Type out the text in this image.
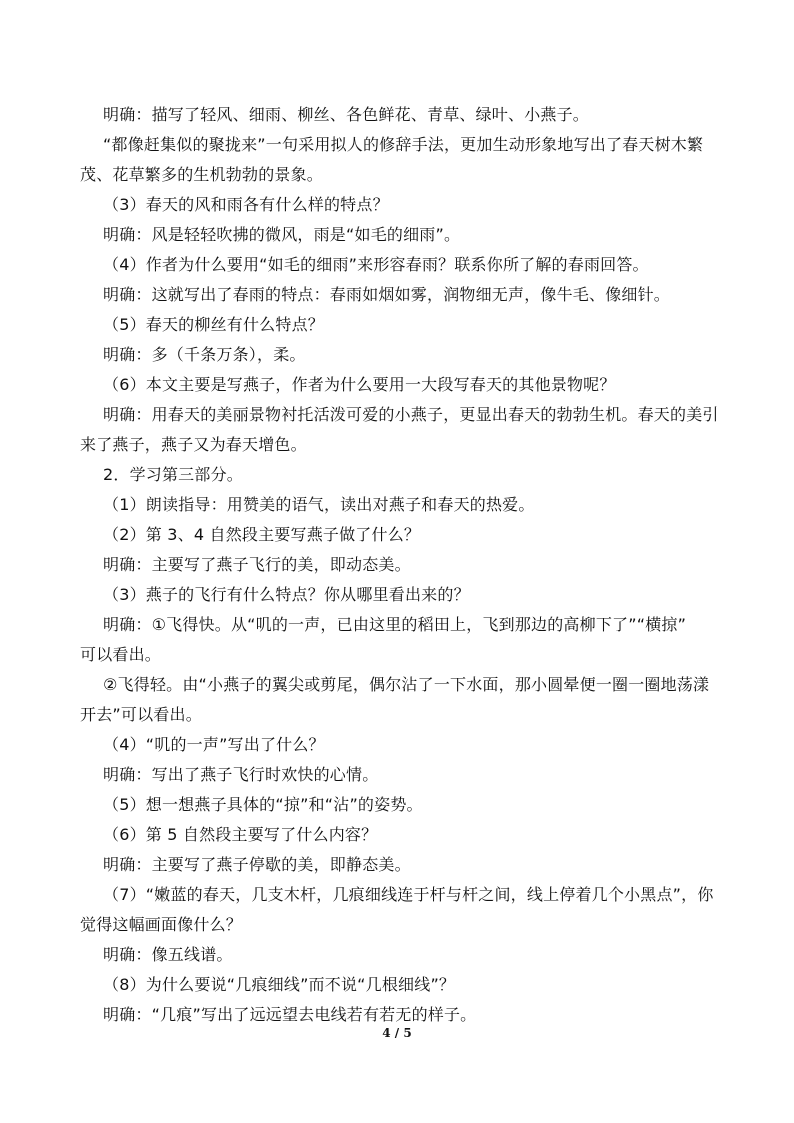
明确：描写了轻风、细雨、柳丝、各色鲜花、青草、绿叶、小燕子。
“都像赶集似的聚拢来”一句采用拟人的修辞手法，更加生动形象地写出了春天树木繁
茂、花草繁多的生机勃勃的景象。
（3）春天的风和雨各有什么样的特点？
明确：风是轻轻吹拂的微风，雨是“如毛的细雨”。
（4）作者为什么要用“如毛的细雨”来形容春雨？联系你所了解的春雨回答。
明确：这就写出了春雨的特点：春雨如烟如雾，润物细无声，像牛毛、像细针。
（5）春天的柳丝有什么特点？
明确：多（千条万条），柔。
（6）本文主要是写燕子，作者为什么要用一大段写春天的其他景物呢？
明确：用春天的美丽景物衬托活泼可爱的小燕子，更显出春天的勃勃生机。春天的美引
来了燕子，燕子又为春天增色。
2．学习第三部分。
（1）朗读指导：用赞美的语气，读出对燕子和春天的热爱。
（2）第 3、4 自然段主要写燕子做了什么？
明确：主要写了燕子飞行的美，即动态美。
（3）燕子的飞行有什么特点？你从哪里看出来的？
明确：①飞得快。从“叽的一声，已由这里的稻田上，飞到那边的高柳下了”“横掠”
可以看出。
②飞得轻。由“小燕子的翼尖或剪尾，偶尔沾了一下水面，那小圆晕便一圈一圈地荡漾
开去”可以看出。
（4）“叽的一声”写出了什么？
明确：写出了燕子飞行时欢快的心情。
（5）想一想燕子具体的“掠”和“沾”的姿势。
（6）第 5 自然段主要写了什么内容？
明确：主要写了燕子停歇的美，即静态美。
（7）“嫩蓝的春天，几支木杆，几痕细线连于杆与杆之间，线上停着几个小黑点”，你
觉得这幅画面像什么？
明确：像五线谱。
（8）为什么要说“几痕细线”而不说“几根细线”？
明确：“几痕”写出了远远望去电线若有若无的样子。
4 / 5
